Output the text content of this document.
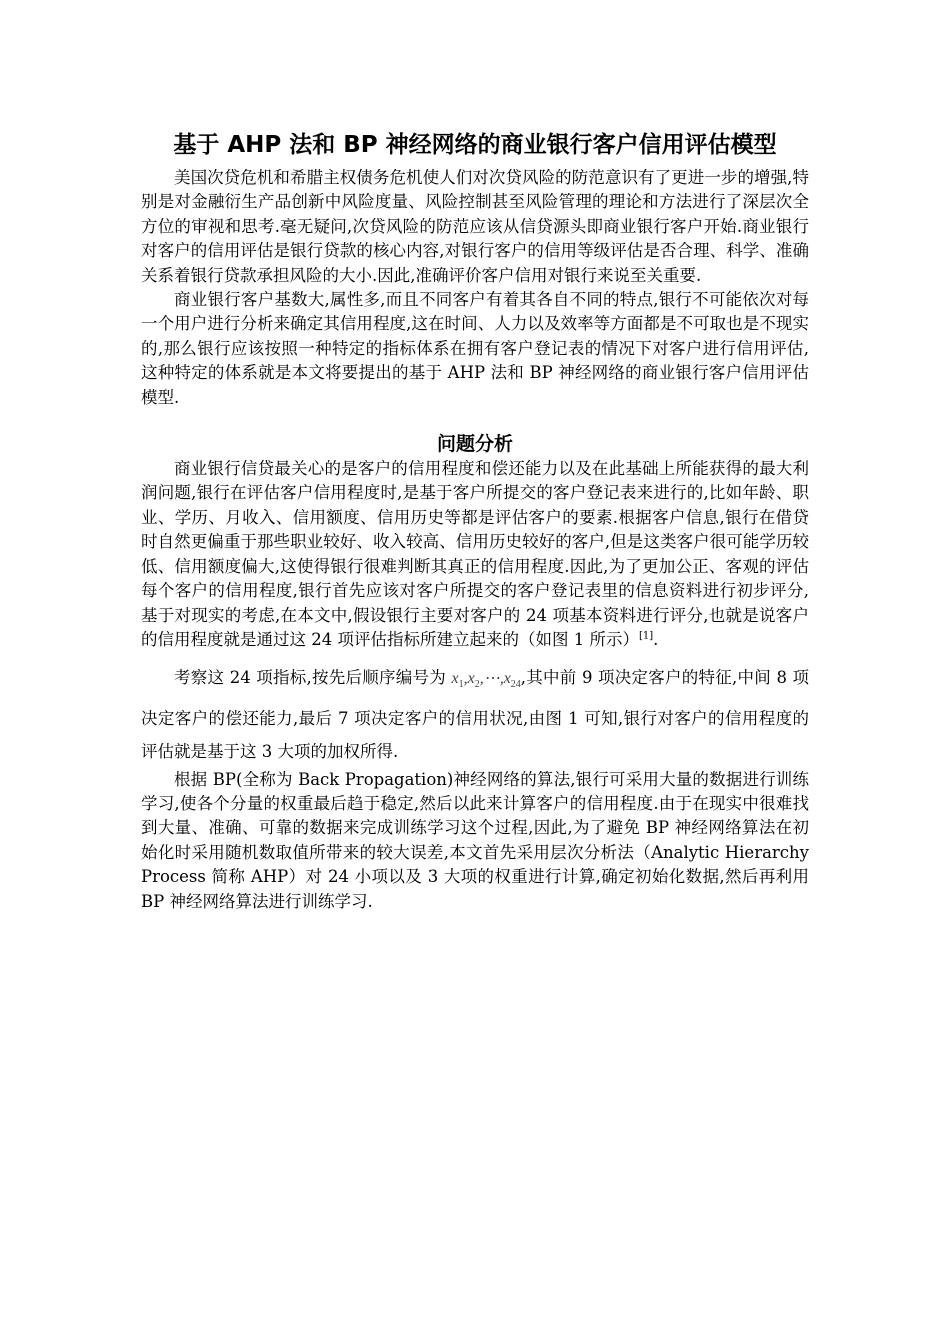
基于 AHP 法和 BP 神经网络的商业银行客户信用评估模型

美国次贷危机和希腊主权债务危机使人们对次贷风险的防范意识有了更进一步的增强,特别是对金融衍生产品创新中风险度量、风险控制甚至风险管理的理论和方法进行了深层次全方位的审视和思考.毫无疑问,次贷风险的防范应该从信贷源头即商业银行客户开始.商业银行对客户的信用评估是银行贷款的核心内容,对银行客户的信用等级评估是否合理、科学、准确关系着银行贷款承担风险的大小.因此,准确评价客户信用对银行来说至关重要.

商业银行客户基数大,属性多,而且不同客户有着其各自不同的特点,银行不可能依次对每一个用户进行分析来确定其信用程度,这在时间、人力以及效率等方面都是不可取也是不现实的,那么银行应该按照一种特定的指标体系在拥有客户登记表的情况下对客户进行信用评估,这种特定的体系就是本文将要提出的基于 AHP 法和 BP 神经网络的商业银行客户信用评估模型.

问题分析

商业银行信贷最关心的是客户的信用程度和偿还能力以及在此基础上所能获得的最大利润问题,银行在评估客户信用程度时,是基于客户所提交的客户登记表来进行的,比如年龄、职业、学历、月收入、信用额度、信用历史等都是评估客户的要素.根据客户信息,银行在借贷时自然更偏重于那些职业较好、收入较高、信用历史较好的客户,但是这类客户很可能学历较低、信用额度偏大,这使得银行很难判断其真正的信用程度.因此,为了更加公正、客观的评估每个客户的信用程度,银行首先应该对客户所提交的客户登记表里的信息资料进行初步评分,基于对现实的考虑,在本文中,假设银行主要对客户的 24 项基本资料进行评分,也就是说客户的信用程度就是通过这 24 项评估指标所建立起来的（如图 1 所示）[1].

考察这 24 项指标,按先后顺序编号为 $x_1,x_2,\cdots,x_{24}$,其中前 9 项决定客户的特征,中间 8 项决定客户的偿还能力,最后 7 项决定客户的信用状况,由图 1 可知,银行对客户的信用程度的评估就是基于这 3 大项的加权所得.

根据 BP(全称为 Back Propagation)神经网络的算法,银行可采用大量的数据进行训练学习,使各个分量的权重最后趋于稳定,然后以此来计算客户的信用程度.由于在现实中很难找到大量、准确、可靠的数据来完成训练学习这个过程,因此,为了避免 BP 神经网络算法在初始化时采用随机数取值所带来的较大误差,本文首先采用层次分析法（Analytic Hierarchy Process 简称 AHP）对 24 小项以及 3 大项的权重进行计算,确定初始化数据,然后再利用 BP 神经网络算法进行训练学习.
